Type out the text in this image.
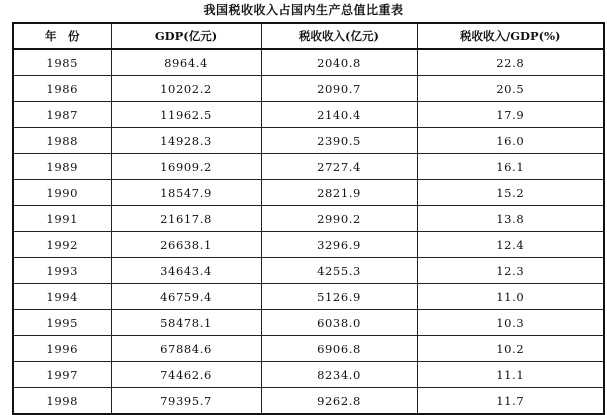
我国税收收入占国内生产总值比重表
年　份	GDP(亿元)	税收收入(亿元)	税收收入/GDP(%)
1985	8964.4	2040.8	22.8
1986	10202.2	2090.7	20.5
1987	11962.5	2140.4	17.9
1988	14928.3	2390.5	16.0
1989	16909.2	2727.4	16.1
1990	18547.9	2821.9	15.2
1991	21617.8	2990.2	13.8
1992	26638.1	3296.9	12.4
1993	34643.4	4255.3	12.3
1994	46759.4	5126.9	11.0
1995	58478.1	6038.0	10.3
1996	67884.6	6906.8	10.2
1997	74462.6	8234.0	11.1
1998	79395.7	9262.8	11.7
